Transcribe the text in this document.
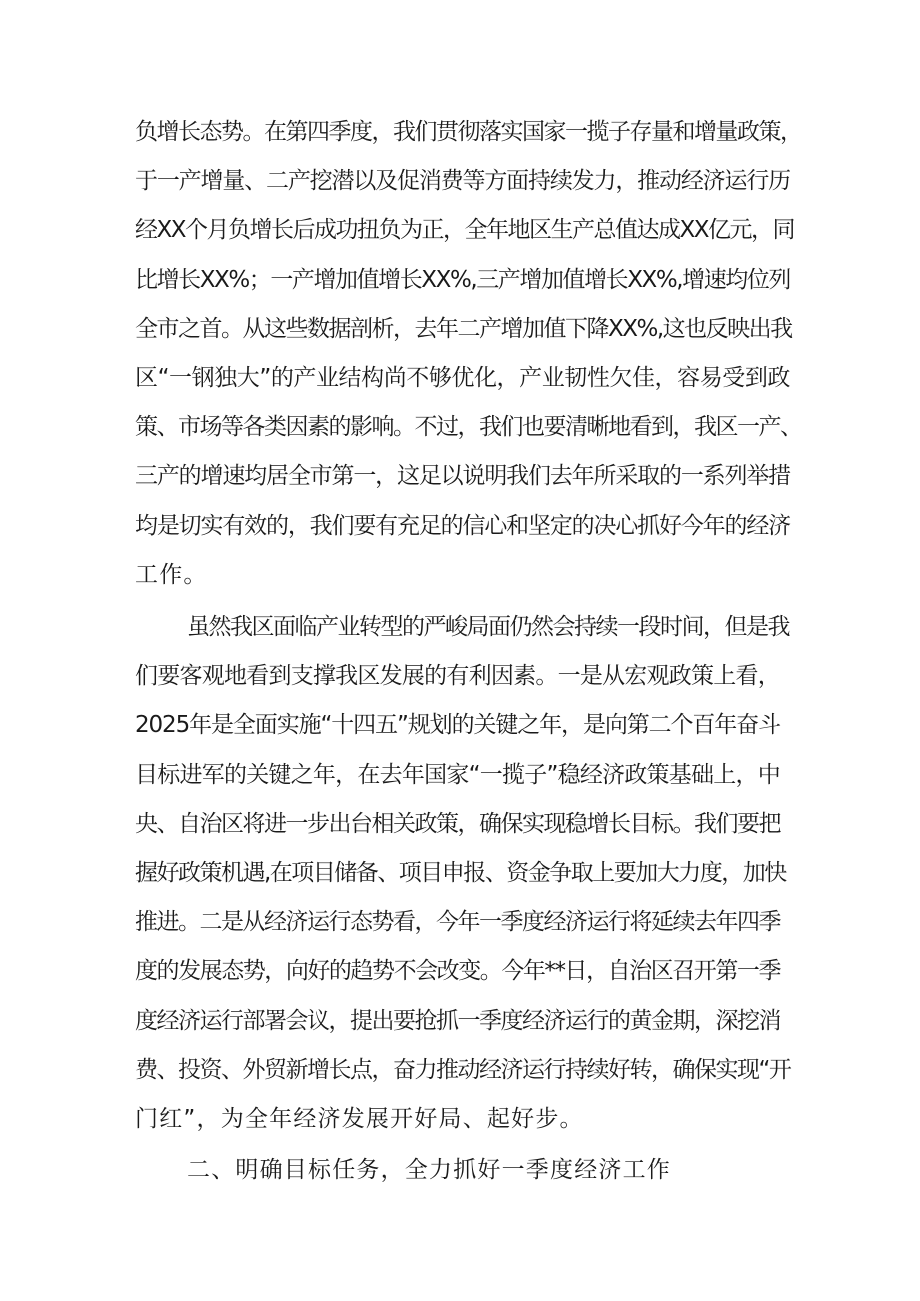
负增长态势。在第四季度，我们贯彻落实国家一揽子存量和增量政策，
于一产增量、二产挖潜以及促消费等方面持续发力，推动经济运行历
经XX个月负增长后成功扭负为正，全年地区生产总值达成XX亿元，同
比增长XX%；一产增加值增长XX%,三产增加值增长XX%,增速均位列
全市之首。从这些数据剖析，去年二产增加值下降XX%,这也反映出我
区“一钢独大”的产业结构尚不够优化，产业韧性欠佳，容易受到政
策、市场等各类因素的影响。不过，我们也要清晰地看到，我区一产、
三产的增速均居全市第一，这足以说明我们去年所采取的一系列举措
均是切实有效的，我们要有充足的信心和坚定的决心抓好今年的经济
工作。
虽然我区面临产业转型的严峻局面仍然会持续一段时间，但是我
们要客观地看到支撑我区发展的有利因素。一是从宏观政策上看，
2025年是全面实施“十四五”规划的关键之年，是向第二个百年奋斗
目标进军的关键之年，在去年国家“一揽子”稳经济政策基础上，中
央、自治区将进一步出台相关政策，确保实现稳增长目标。我们要把
握好政策机遇,在项目储备、项目申报、资金争取上要加大力度，加快
推进。二是从经济运行态势看，今年一季度经济运行将延续去年四季
度的发展态势，向好的趋势不会改变。今年**日，自治区召开第一季
度经济运行部署会议，提出要抢抓一季度经济运行的黄金期，深挖消
费、投资、外贸新增长点，奋力推动经济运行持续好转，确保实现“开
门红”，为全年经济发展开好局、起好步。
二、明确目标任务，全力抓好一季度经济工作
